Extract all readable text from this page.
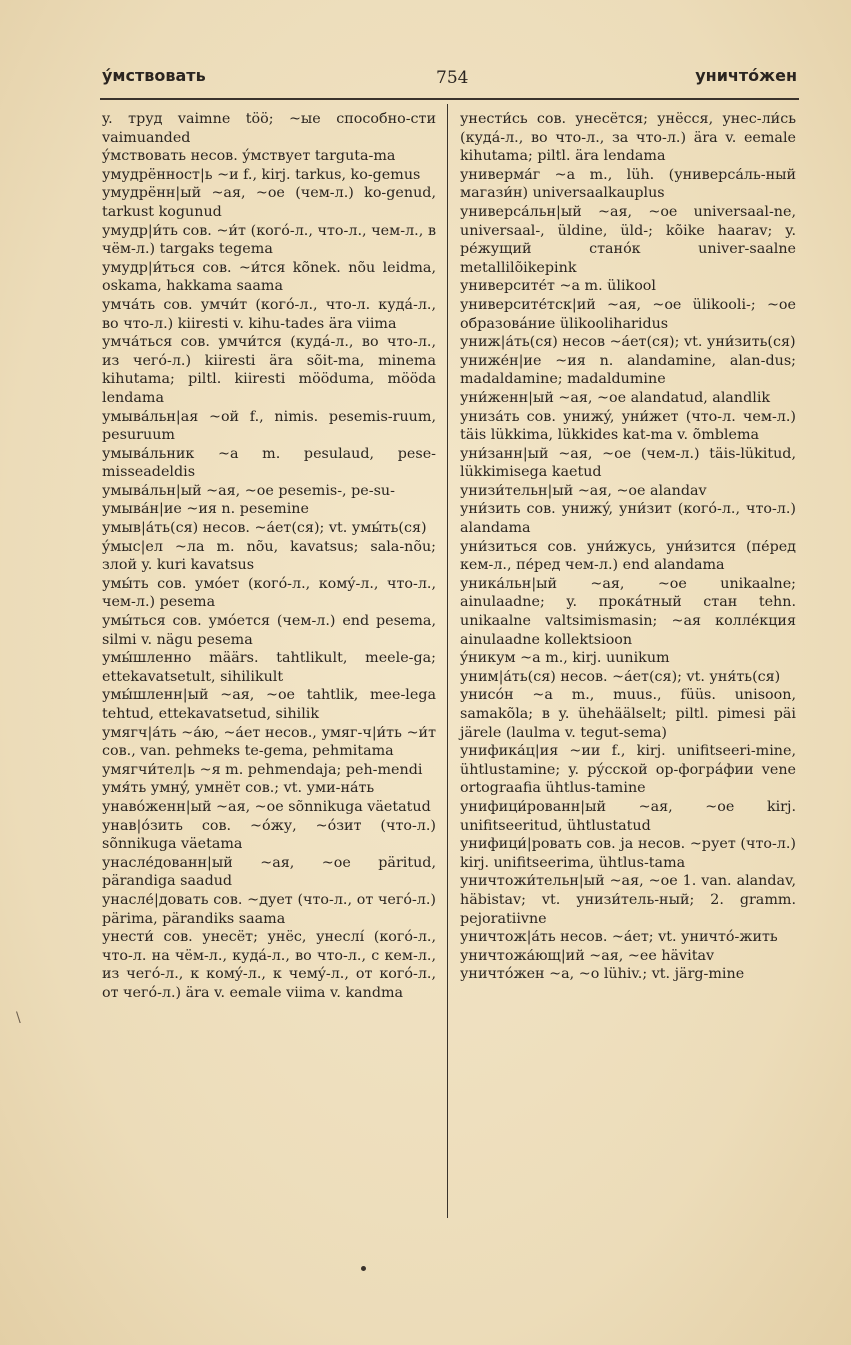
ýмствовать	754	уничтóжен
y. труд vaimne töö; ~ые способно-сти vaimuanded
ýмствовать несов. ýмствует targuta-ma
умудрённост|ь ~и f., kirj. tarkus, ko-gemus
умудрённ|ый ~ая, ~ое (чем-л.) ko-genud, tarkust kogunud
умудр|и́ть сов. ~и́т (когó-л., что-л., чем-л., в чём-л.) targaks tegema
умудр|и́ться сов. ~и́тся kõnek. nõu leidma, oskama, hakkama saama
умча́ть сов. умчи́т (когó-л., что-л. кудá-л., во что-л.) kiiresti v. kihu-tades ära viima
умча́ться сов. умчи́тся (кудá-л., во что-л., из чегó-л.) kiiresti ära sõit-ma, minema kihutama; piltl. kiiresti mööduma, mööda lendama
умыва́льн|ая ~ой f., nimis. pesemis-ruum, pesuruum
умыва́льник ~а m. pesulaud, pese-misseadeldis
умыва́льн|ый ~ая, ~ое pesemis-, pe-su-
умыва́н|ие ~ия n. pesemine
умыв|а́ть(ся) несов. ~а́ет(ся); vt. умы́ть(ся)
ýмыс|ел ~ла m. nõu, kavatsus; sala-nõu; злой y. kuri kavatsus
умы́ть сов. умóет (когó-л., комý-л., что-л., чем-л.) pesema
умы́ться сов. умóется (чем-л.) end pesema, silmi v. nägu pesema
умы́шленно määrs. tahtlikult, meele-ga; ettekavatsetult, sihilikult
умы́шленн|ый ~ая, ~ое tahtlik, mee-lega tehtud, ettekavatsetud, sihilik
умягч|а́ть ~а́ю, ~а́ет несов., умяг-ч|и́ть ~и́т сов., van. pehmeks te-gema, pehmitama
умягчи́тел|ь ~я m. pehmendaja; peh-mendi
умя́ть умнý, умнёт сов.; vt. уми-на́ть
унавóженн|ый ~ая, ~ое sõnnikuga väetatud
унав|óзить сов. ~óжу, ~óзит (что-л.) sõnnikuga väetama
унасле́дованн|ый ~ая, ~ое päritud, pärandiga saadud
унасле́|довать сов. ~дует (что-л., от чегó-л.) pärima, pärandiks saama
унести́ сов. унесёт; унёс, унеслí (когó-л., что-л. на чём-л., кудá-л., во что-л., с кем-л., из чегó-л., к комý-л., к чемý-л., от когó-л., от чегó-л.) ära v. eemale viima v. kandma
унести́сь сов. унесётся; унёсся, унес-ли́сь (кудá-л., во что-л., за что-л.) ära v. eemale kihutama; piltl. ära lendama
универма́г ~а m., lüh. (универса́ль-ный магази́н) universaalkauplus
универса́льн|ый ~ая, ~ое universaal-ne, universaal-, üldine, üld-; kõike haarav; y. ре́жущий станóк univer-saalne metallilõikepink
университе́т ~а m. ülikool
университе́тск|ий ~ая, ~ое ülikooli-; ~ое образовáние ülikooliharidus
униж|а́ть(ся) несов ~а́ет(ся); vt. уни́зить(ся)
униже́н|ие ~ия n. alandamine, alan-dus; madaldamine; madaldumine
уни́женн|ый ~ая, ~ое alandatud, alandlik
униза́ть сов. унижý, уни́жет (что-л. чем-л.) täis lükkima, lükkides kat-ma v. õmblema
уни́занн|ый ~ая, ~ое (чем-л.) täis-lükitud, lükkimisega kaetud
унизи́тельн|ый ~ая, ~ое alandav
уни́зить сов. унижý, уни́зит (когó-л., что-л.) alandama
уни́зиться сов. уни́жусь, уни́зится (пе́ред кем-л., пе́ред чем-л.) end alandama
уника́льн|ый ~ая, ~ое unikaalne; ainulaadne; y. прокáтный стан tehn. unikaalne valtsimismasin; ~ая коллéкция ainulaadne kollektsioon
ýникум ~а m., kirj. uunikum
уним|а́ть(ся) несов. ~а́ет(ся); vt. уня́ть(ся)
унисóн ~а m., muus., füüs. unisoon, samakõla; в y. ühehäälselt; piltl. pimesi päi järele (laulma v. tegut-sema)
унифика́ц|ия ~ии f., kirj. unifitseeri-mine, ühtlustamine; y. рýсской ор-фогрáфии vene ortograafia ühtlus-tamine
унифици́рованн|ый ~ая, ~ое kirj. unifitseeritud, ühtlustatud
унифици́|ровать сов. ja несов. ~рует (что-л.) kirj. unifitseerima, ühtlus-tama
уничтожи́тельн|ый ~ая, ~ое 1. van. alandav, häbistav; vt. унизи́тель-ный; 2. gramm. pejoratiivne
уничтож|а́ть несов. ~а́ет; vt. уничтó-жить
уничтожа́ющ|ий ~ая, ~ее hävitav
уничтóжен ~а, ~о lühiv.; vt. järg-mine
\
